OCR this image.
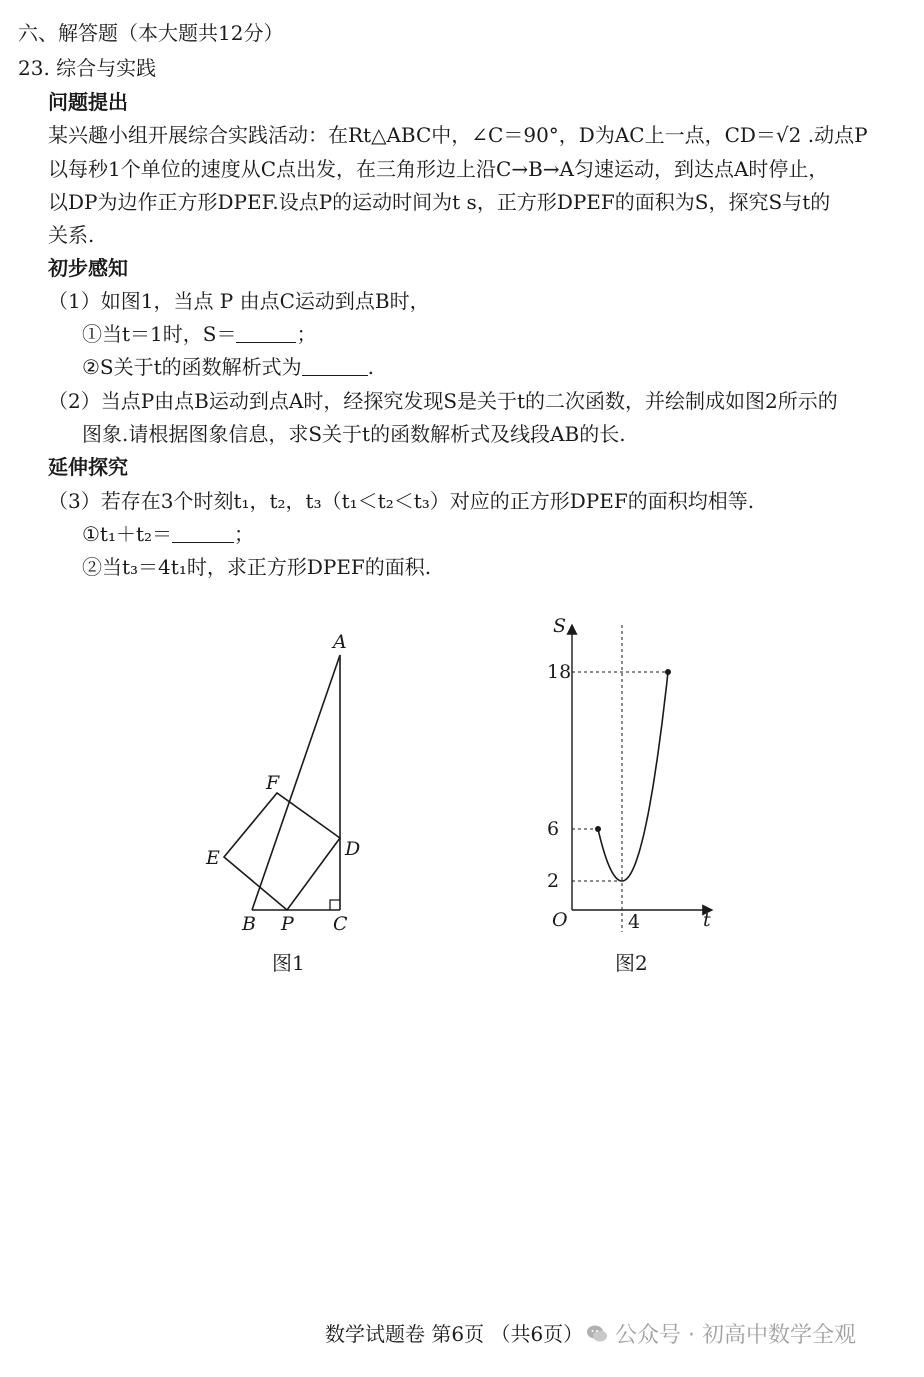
六、解答题（本大题共12分）
23. 综合与实践
问题提出
某兴趣小组开展综合实践活动：在Rt△ABC中，∠C＝90°，D为AC上一点，CD＝√2 .动点P
以每秒1个单位的速度从C点出发，在三角形边上沿C→B→A匀速运动，到达点A时停止，
以DP为边作正方形DPEF.设点P的运动时间为t s，正方形DPEF的面积为S，探究S与t的
关系.
初步感知
（1）如图1，当点 P 由点C运动到点B时，
①当t＝1时，S＝	；
②S关于t的函数解析式为	.
（2）当点P由点B运动到点A时，经探究发现S是关于t的二次函数，并绘制成如图2所示的
图象.请根据图象信息，求S关于t的函数解析式及线段AB的长.
延伸探究
（3）若存在3个时刻t₁，t₂，t₃（t₁＜t₂＜t₃）对应的正方形DPEF的面积均相等.
①t₁＋t₂＝	；
②当t₃＝4t₁时，求正方形DPEF的面积.
A
F
E	D
B P C
图1
18
6
2
4
S
t
O
图2
数学试题卷 第6页 （共6页） 公众号 · 初高中数学全观
